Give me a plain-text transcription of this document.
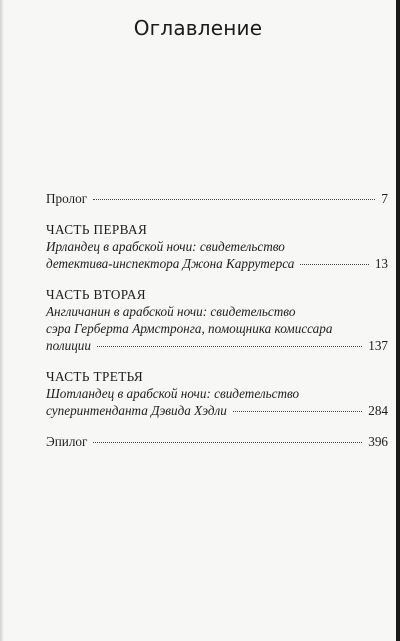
Оглавление
Пролог	7
ЧАСТЬ ПЕРВАЯ
Ирландец в арабской ночи: свидетельство
детектива-инспектора Джона Каррутерса	13
ЧАСТЬ ВТОРАЯ
Англичанин в арабской ночи: свидетельство
сэра Герберта Армстронга, помощника комиссара
полиции	137
ЧАСТЬ ТРЕТЬЯ
Шотландец в арабской ночи: свидетельство
суперинтенданта Дэвида Хэдли	284
Эпилог	396
